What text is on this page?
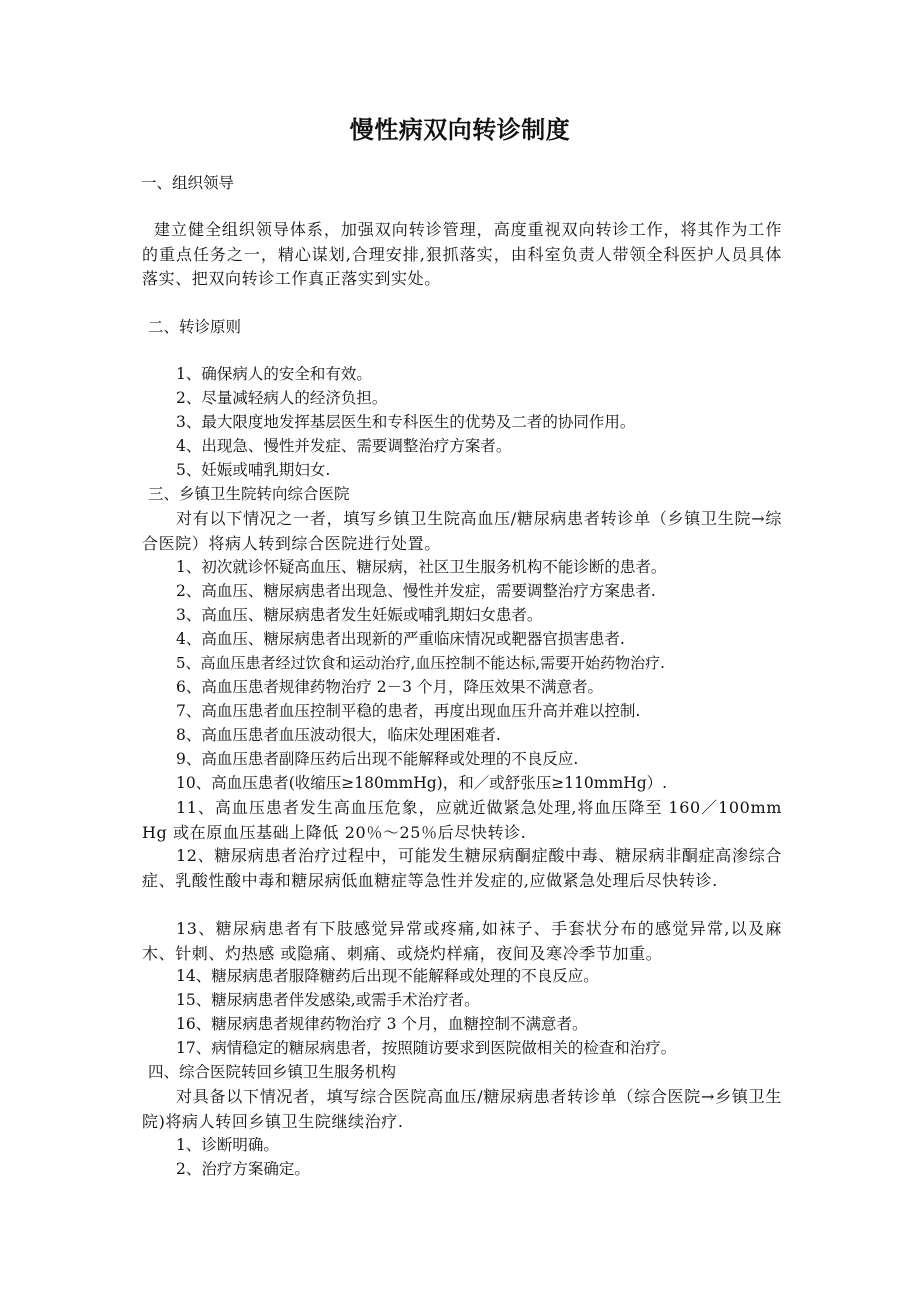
慢性病双向转诊制度
一、组织领导
建立健全组织领导体系，加强双向转诊管理，高度重视双向转诊工作，将其作为工作的重点任务之一，精心谋划,合理安排,狠抓落实，由科室负责人带领全科医护人员具体落实、把双向转诊工作真正落实到实处。
二、转诊原则
1、确保病人的安全和有效。
2、尽量减轻病人的经济负担。
3、最大限度地发挥基层医生和专科医生的优势及二者的协同作用。
4、出现急、慢性并发症、需要调整治疗方案者。
5、妊娠或哺乳期妇女.
三、乡镇卫生院转向综合医院
对有以下情况之一者，填写乡镇卫生院高血压/糖尿病患者转诊单（乡镇卫生院→综合医院）将病人转到综合医院进行处置。
1、初次就诊怀疑高血压、糖尿病，社区卫生服务机构不能诊断的患者。
2、高血压、糖尿病患者出现急、慢性并发症，需要调整治疗方案患者.
3、高血压、糖尿病患者发生妊娠或哺乳期妇女患者。
4、高血压、糖尿病患者出现新的严重临床情况或靶器官损害患者.
5、高血压患者经过饮食和运动治疗,血压控制不能达标,需要开始药物治疗.
6、高血压患者规律药物治疗 2－3 个月，降压效果不满意者。
7、高血压患者血压控制平稳的患者，再度出现血压升高并难以控制.
8、高血压患者血压波动很大，临床处理困难者.
9、高血压患者副降压药后出现不能解释或处理的不良反应.
10、高血压患者(收缩压≥180mmHg)，和／或舒张压≥110mmHg）.
11、高血压患者发生高血压危象，应就近做紧急处理,将血压降至 160／100mmHg 或在原血压基础上降低 20％～25％后尽快转诊.
12、糖尿病患者治疗过程中，可能发生糖尿病酮症酸中毒、糖尿病非酮症高渗综合症、乳酸性酸中毒和糖尿病低血糖症等急性并发症的,应做紧急处理后尽快转诊.
13、糖尿病患者有下肢感觉异常或疼痛,如袜子、手套状分布的感觉异常,以及麻木、针刺、灼热感 或隐痛、刺痛、或烧灼样痛，夜间及寒冷季节加重。
14、糖尿病患者服降糖药后出现不能解释或处理的不良反应。
15、糖尿病患者伴发感染,或需手术治疗者。
16、糖尿病患者规律药物治疗 3 个月，血糖控制不满意者。
17、病情稳定的糖尿病患者，按照随访要求到医院做相关的检查和治疗。
四、综合医院转回乡镇卫生服务机构
对具备以下情况者，填写综合医院高血压/糖尿病患者转诊单（综合医院→乡镇卫生院)将病人转回乡镇卫生院继续治疗.
1、诊断明确。
2、治疗方案确定。
